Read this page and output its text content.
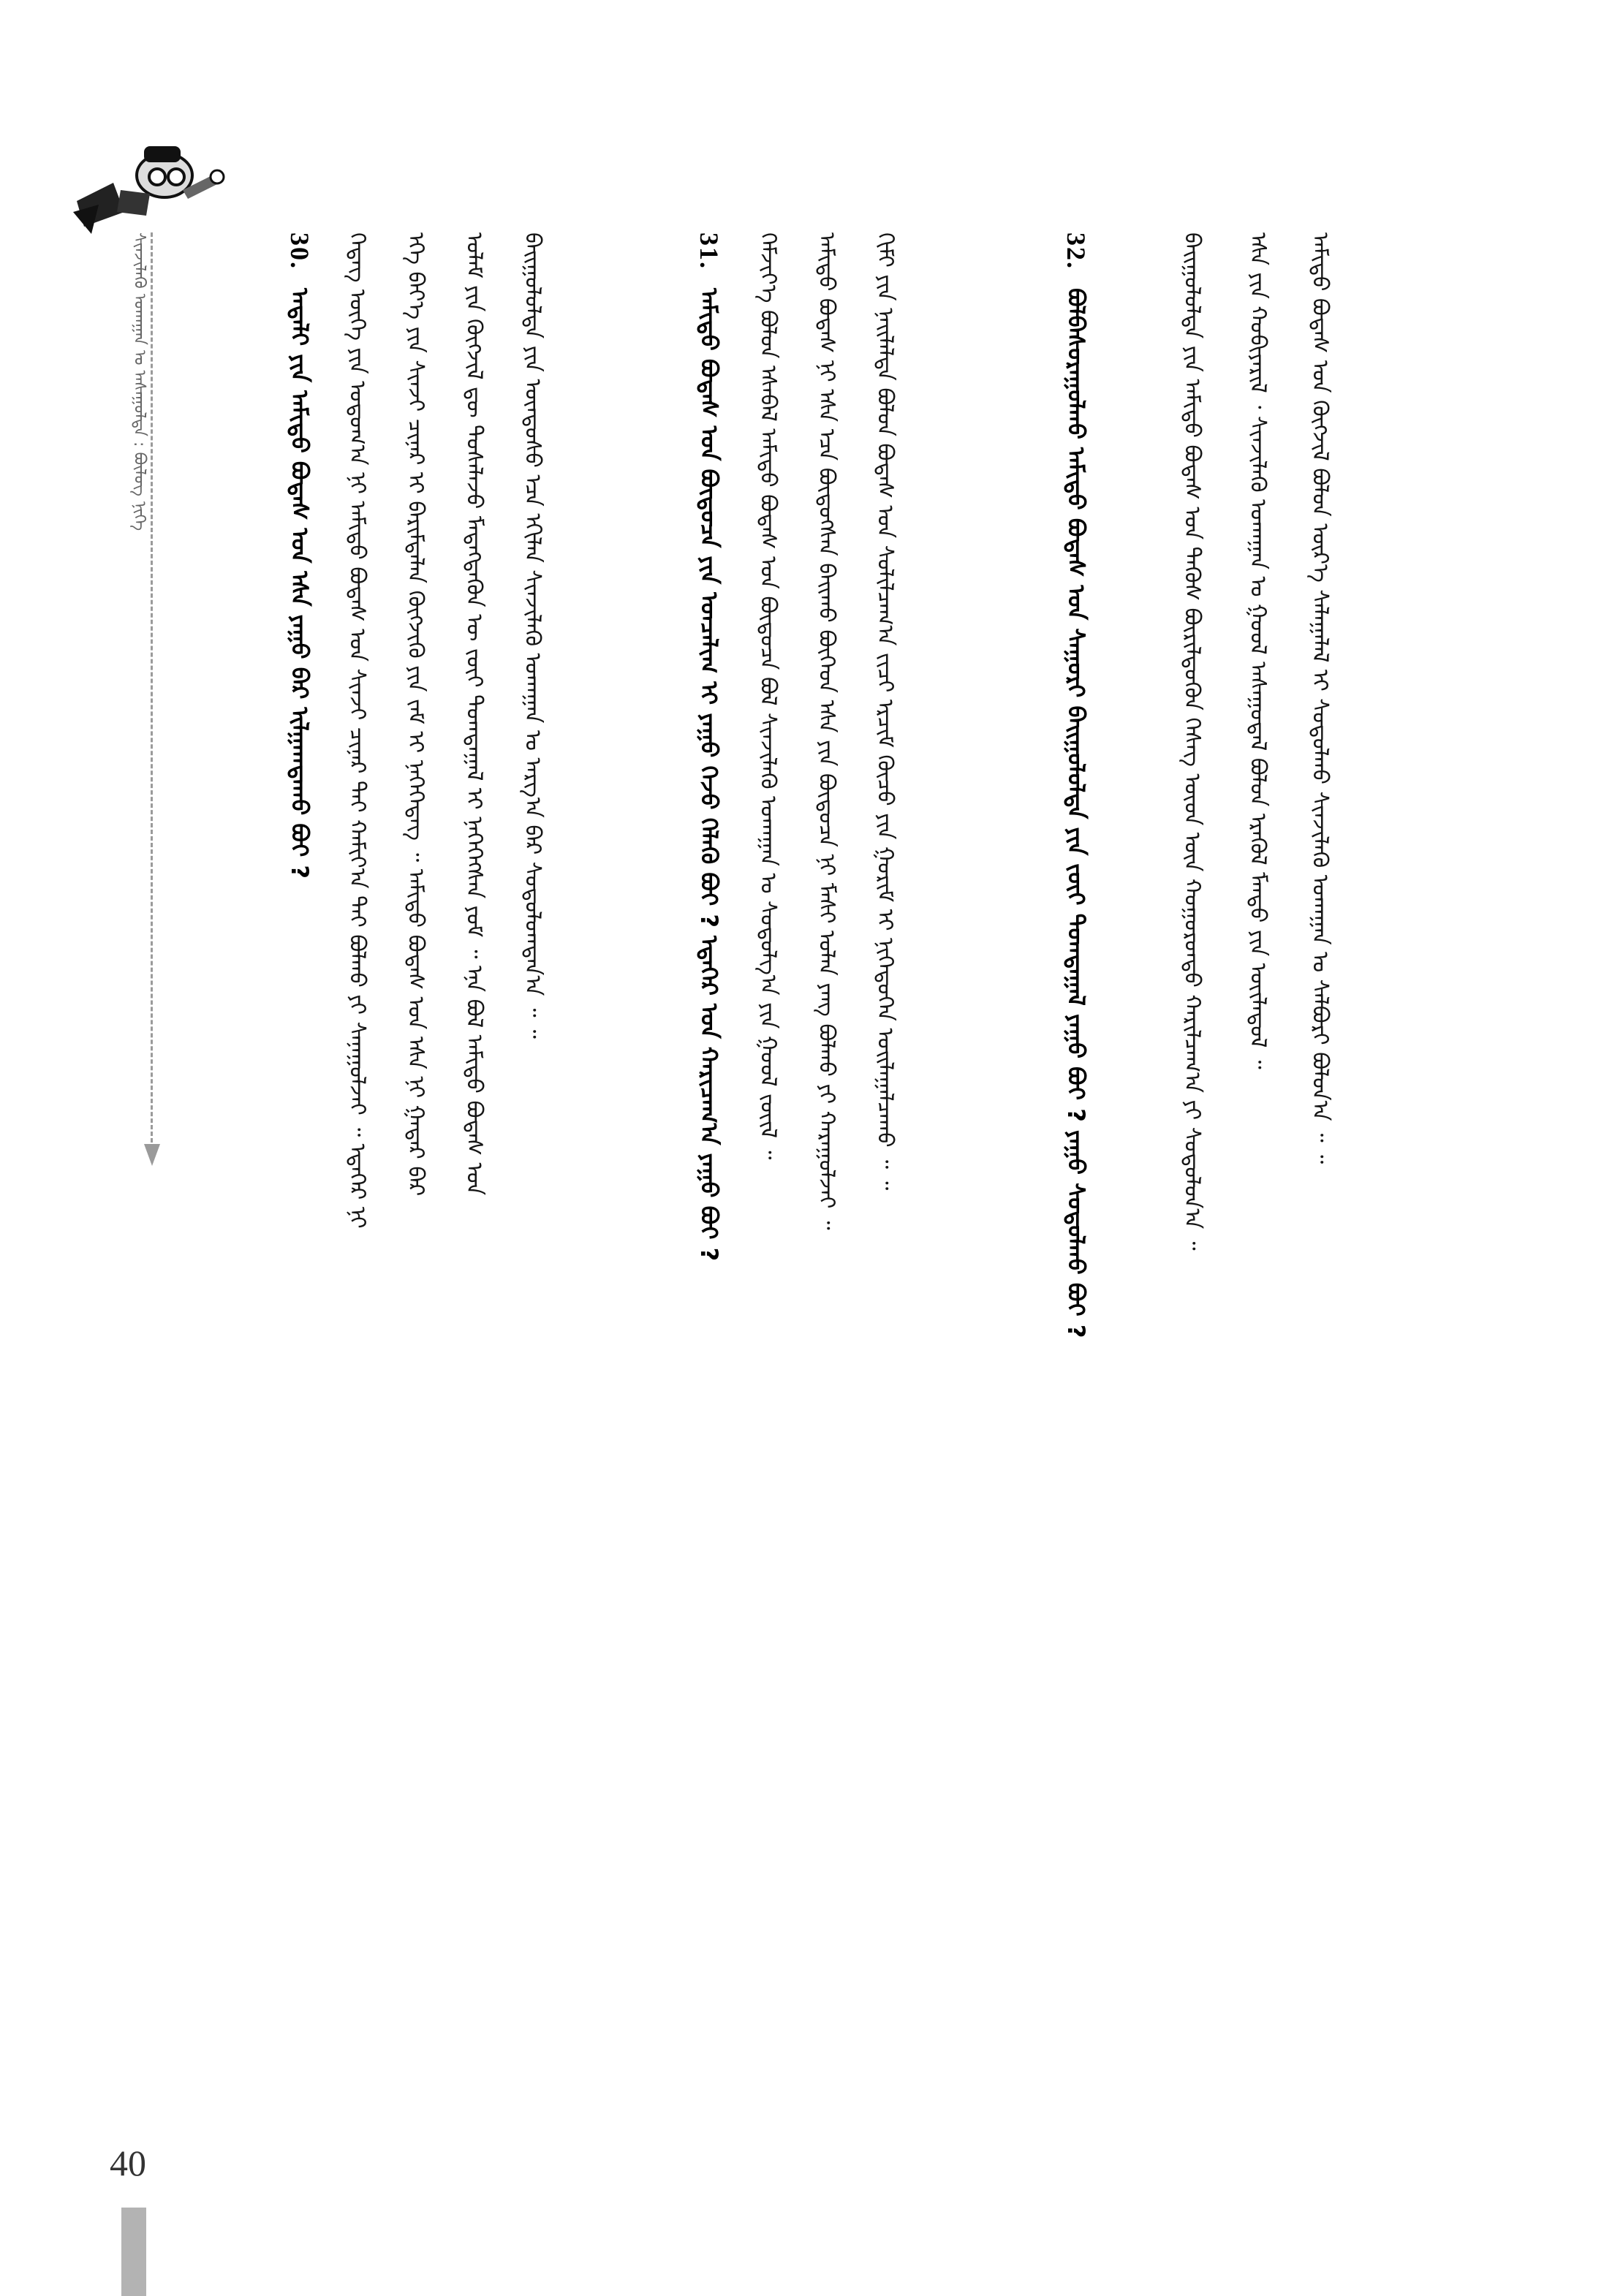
ᠰᠢᠨᠵᠢᠯᠡᠬᠦ ᠤᠬᠠᠭᠠᠨ ᠤ ᠠᠰᠠᠭᠤᠯᠲᠠ : ᠪᠦᠯᠦᠭ ᠨᠢᠭᠡ	30. ᠠᠳᠠᠯᠢ ᠶᠢᠨ ᠠᠮᠢᠳᠤ ᠪᠣᠳᠠᠰ ᠤᠨ ᠡᠰᠡ ᠶᠠᠭᠤ ᠪᠡᠷ ᠢᠯᠭᠠᠭᠳᠠᠬᠤ ᠪᠤᠢ ? ᠭᠡᠳᠡᠭ ᠦᠭᠡ ᠶᠢᠨ ᠤᠳᠤᠭ᠎ᠠ ᠨᠢ ᠠᠮᠢᠳᠤ ᠪᠣᠳᠠᠰ ᠤᠨ ᠰᠢᠨᠵᠢ ᠴᠢᠨᠠᠷ ᠲᠠᠢ ᠬᠠᠮᠢᠶ᠎ᠠ ᠲᠠᠢ ᠪᠣᠯᠬᠤ ᠶᠢ ᠰᠠᠨᠠᠭᠤᠯᠵᠠᠢ ᠃ ᠡᠳᠡᠭᠡᠷ ᠨᠢ ᠡᠬᠡ ᠪᠡᠶ᠎ᠡ ᠶᠢᠨ ᠰᠢᠨᠵᠢ ᠴᠢᠨᠠᠷ ᠢ ᠪᠠᠷᠢᠮᠲᠠᠯᠠᠨ ᠬᠥᠭᠵᠢᠬᠦ ᠶᠢᠨ ᠵᠠᠮ ᠢ ᠨᠡᠭᠡᠭᠡᠳᠡᠭ ᠃ ᠠᠮᠢᠳᠤ ᠪᠣᠳᠠᠰ ᠤᠨ ᠡᠰᠡ ᠨᠢ ᠭᠠᠳᠠᠷ ᠪᠡᠷ ᠤᠯᠠᠮ ᠶᠢᠨ ᠬᠥᠭᠵᠢᠯ ᠳᠦ ᠲᠤᠰᠠᠯᠠᠵᠤ ᠮᠡᠳᠡᠭᠳᠡᠬᠦᠨ ᠦ ᠵᠦᠢ ᠲᠣᠭᠲᠠᠭᠠᠯ ᠢ ᠨᠡᠭᠡᠭᠡᠭᠰᠡᠨ ᠶᠤᠮ ᠃ ᠡᠨᠡ ᠪᠣᠯ ᠠᠮᠢᠳᠤ ᠪᠣᠳᠠᠰ ᠤᠨ ᠪᠠᠢᠭᠤᠯᠤᠯᠲᠠ ᠶᠢᠨ ᠦᠨᠳᠦᠰᠦ ᠡᠴᠡ ᠡᠬᠢᠯᠡᠨ ᠰᠢᠨᠵᠢᠯᠡᠬᠦ ᠤᠬᠠᠭᠠᠨ ᠤ ᠠᠷᠭ᠎ᠠ ᠪᠠᠷ ᠰᠤᠳᠤᠯᠤᠭᠳᠠᠨ᠎ᠠ ᠃ ᠃	31. ᠠᠮᠢᠳᠤ ᠪᠣᠳᠠᠰ ᠤᠨ ᠪᠦᠲᠦᠴᠡ ᠶᠢᠨ ᠣᠨᠴᠠᠯᠢᠭ ᠢ ᠶᠠᠭᠤ ᠭᠡᠵᠦ ᠬᠡᠯᠡᠬᠦ ᠪᠤᠢ ? ᠡᠳᠡᠭᠡᠷ ᠤᠨ ᠬᠠᠷᠢᠴᠠᠭ᠎ᠠ ᠶᠠᠭᠤ ᠪᠤᠢ ? ᠬᠡᠮᠵᠢᠶ᠎ᠡ ᠪᠣᠯᠤᠨ ᠡᠰᠡᠪᠡᠯ ᠠᠮᠢᠳᠤ ᠪᠣᠳᠠᠰ ᠤᠨ ᠪᠦᠲᠦᠴᠡ ᠪᠣᠯ ᠰᠢᠨᠵᠢᠯᠡᠬᠦ ᠤᠬᠠᠭᠠᠨ ᠤ ᠰᠤᠳᠤᠯᠭ᠎ᠠ ᠶᠢᠨ ᠭᠣᠣᠯ ᠵᠦᠢᠯ ᠃ ᠠᠮᠢᠳᠤ ᠪᠣᠳᠠᠰ ᠨᠢ ᠡᠰᠡ ᠡᠴᠡ ᠪᠦᠲᠦᠭᠰᠡᠨ ᠪᠠᠢᠬᠤ ᠪᠦᠭᠡᠳ ᠡᠰᠡ ᠶᠢᠨ ᠪᠦᠲᠦᠴᠡ ᠨᠢ ᠮᠠᠰᠢ ᠣᠯᠠᠨ ᠶᠠᠩ ᠪᠣᠯᠬᠤ ᠶᠢ ᠬᠠᠷᠠᠭᠤᠯᠵᠠᠢ ᠃ ᠬᠢᠮᠢ ᠶᠢᠨ ᠨᠡᠢᠯᠡᠯᠲᠡ ᠪᠣᠯᠤᠨ ᠪᠣᠳᠠᠰ ᠤᠨ ᠰᠣᠯᠢᠯᠴᠠᠭ᠎ᠠ ᠵᠢᠴᠢ ᠡᠷᠴᠢᠮ ᠬᠦᠴᠦ ᠶᠢᠨ ᠭᠣᠷᠢᠮ ᠢ ᠨᠢᠭᠡᠳᠦᠭᠡᠨ ᠣᠢᠯᠠᠭᠠᠯᠴᠠᠬᠤ ᠃ ᠃	32. ᠪᠣᠯᠪᠠᠰᠤᠷᠠᠭᠤᠯᠬᠤ ᠠᠮᠢᠳᠤ ᠪᠣᠳᠠᠰ ᠤᠨ ᠰᠠᠭᠤᠷᠢ ᠪᠠᠢᠭᠤᠯᠤᠯᠲᠠ ᠶᠢᠨ ᠵᠦᠢ ᠲᠣᠭᠲᠠᠭᠠᠯ ᠶᠠᠭᠤ ᠪᠤᠢ ? ᠶᠠᠭᠤ ᠰᠤᠳᠤᠯᠬᠤ ᠪᠤᠢ ?	ᠪᠠᠢᠭᠤᠯᠤᠯᠲᠠ ᠶᠢᠨ ᠠᠮᠢᠳᠤ ᠪᠣᠳᠠᠰ ᠤᠨ ᠲᠡᠭᠦᠰ ᠪᠦᠷᠢᠯᠳᠦᠭᠦᠨ ᠬᠡᠰᠡᠭ ᠦᠳ ᠦᠨ ᠬᠣᠭᠣᠷᠤᠨᠳᠤ ᠬᠠᠷᠢᠯᠴᠠᠭ᠎ᠠ ᠶᠢ ᠰᠤᠳᠤᠯᠤᠨ᠎ᠠ ᠃ ᠡᠰᠡ ᠶᠢᠨ ᠬᠤᠪᠢᠶᠠᠷᠢᠯ ᠂ ᠰᠢᠨᠵᠢᠯᠡᠬᠦ ᠤᠬᠠᠭᠠᠨ ᠤ ᠭᠣᠣᠯ ᠠᠰᠠᠭᠤᠳᠠᠯ ᠪᠣᠯᠤᠨ ᠡᠷᠡᠭᠦᠯ ᠮᠡᠨᠳᠦ ᠶᠢᠨ ᠦᠢᠯᠡᠳᠦᠯ ᠃ ᠠᠮᠢᠳᠤ ᠪᠣᠳᠠᠰ ᠤᠨ ᠬᠥᠭᠵᠢᠯ ᠪᠣᠯᠤᠨ ᠦᠷ᠎ᠡ ᠰᠠᠯᠠᠭᠠᠯᠠᠯ ᠢ ᠰᠤᠳᠤᠯᠬᠤ ᠰᠢᠨᠵᠢᠯᠡᠬᠦ ᠤᠬᠠᠭᠠᠨ ᠤ ᠰᠠᠯᠪᠤᠷᠢ ᠪᠣᠯᠤᠨ᠎ᠠ ᠃ ᠃
40
